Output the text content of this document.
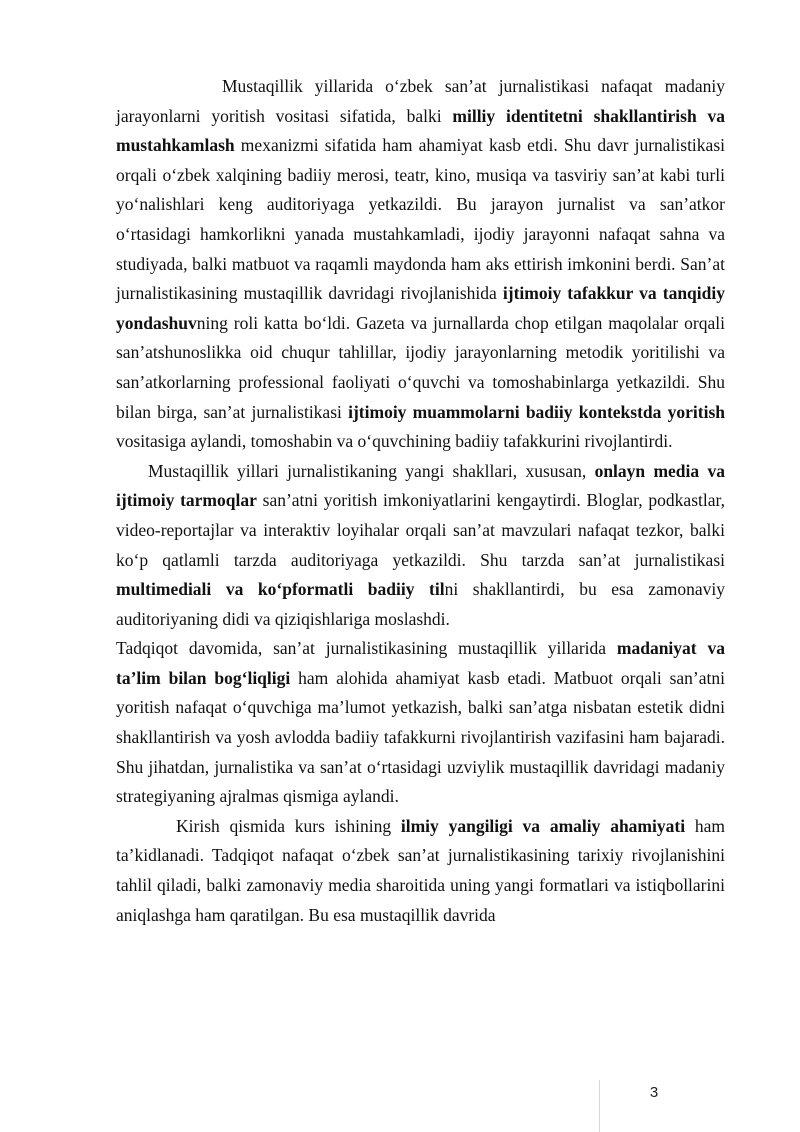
Mustaqillik yillarida o‘zbek san’at jurnalistikasi nafaqat madaniy jarayonlarni yoritish vositasi sifatida, balki milliy identitetni shakllantirish va mustahkamlash mexanizmi sifatida ham ahamiyat kasb etdi. Shu davr jurnalistikasi orqali o‘zbek xalqining badiiy merosi, teatr, kino, musiqa va tasviriy san’at kabi turli yo‘nalishlari keng auditoriyaga yetkazildi. Bu jarayon jurnalist va san’atkor o‘rtasidagi hamkorlikni yanada mustahkamladi, ijodiy jarayonni nafaqat sahna va studiyada, balki matbuot va raqamli maydonda ham aks ettirish imkonini berdi. San’at jurnalistikasining mustaqillik davridagi rivojlanishida ijtimoiy tafakkur va tanqidiy yondashuvning roli katta bo‘ldi. Gazeta va jurnallarda chop etilgan maqolalar orqali san’atshunoslikka oid chuqur tahlillar, ijodiy jarayonlarning metodik yoritilishi va san’atkorlarning professional faoliyati o‘quvchi va tomoshabinlarga yetkazildi. Shu bilan birga, san’at jurnalistikasi ijtimoiy muammolarni badiiy kontekstda yoritish vositasiga aylandi, tomoshabin va o‘quvchining badiiy tafakkurini rivojlantirdi.

Mustaqillik yillari jurnalistikaning yangi shakllari, xususan, onlayn media va ijtimoiy tarmoqlar san’atni yoritish imkoniyatlarini kengaytirdi. Bloglar, podkastlar, video-reportajlar va interaktiv loyihalar orqali san’at mavzulari nafaqat tezkor, balki ko‘p qatlamli tarzda auditoriyaga yetkazildi. Shu tarzda san’at jurnalistikasi multimediali va ko‘pformatli badiiy tilni shakllantirdi, bu esa zamonaviy auditoriyaning didi va qiziqishlariga moslashdi.

Tadqiqot davomida, san’at jurnalistikasining mustaqillik yillarida madaniyat va ta’lim bilan bog‘liqligi ham alohida ahamiyat kasb etadi. Matbuot orqali san’atni yoritish nafaqat o‘quvchiga ma’lumot yetkazish, balki san’atga nisbatan estetik didni shakllantirish va yosh avlodda badiiy tafakkurni rivojlantirish vazifasini ham bajaradi. Shu jihatdan, jurnalistika va san’at o‘rtasidagi uzviylik mustaqillik davridagi madaniy strategiyaning ajralmas qismiga aylandi.

Kirish qismida kurs ishining ilmiy yangiligi va amaliy ahamiyati ham ta’kidlanadi. Tadqiqot nafaqat o‘zbek san’at jurnalistikasining tarixiy rivojlanishini tahlil qiladi, balki zamonaviy media sharoitida uning yangi formatlari va istiqbollarini aniqlashga ham qaratilgan. Bu esa mustaqillik davrida

3
